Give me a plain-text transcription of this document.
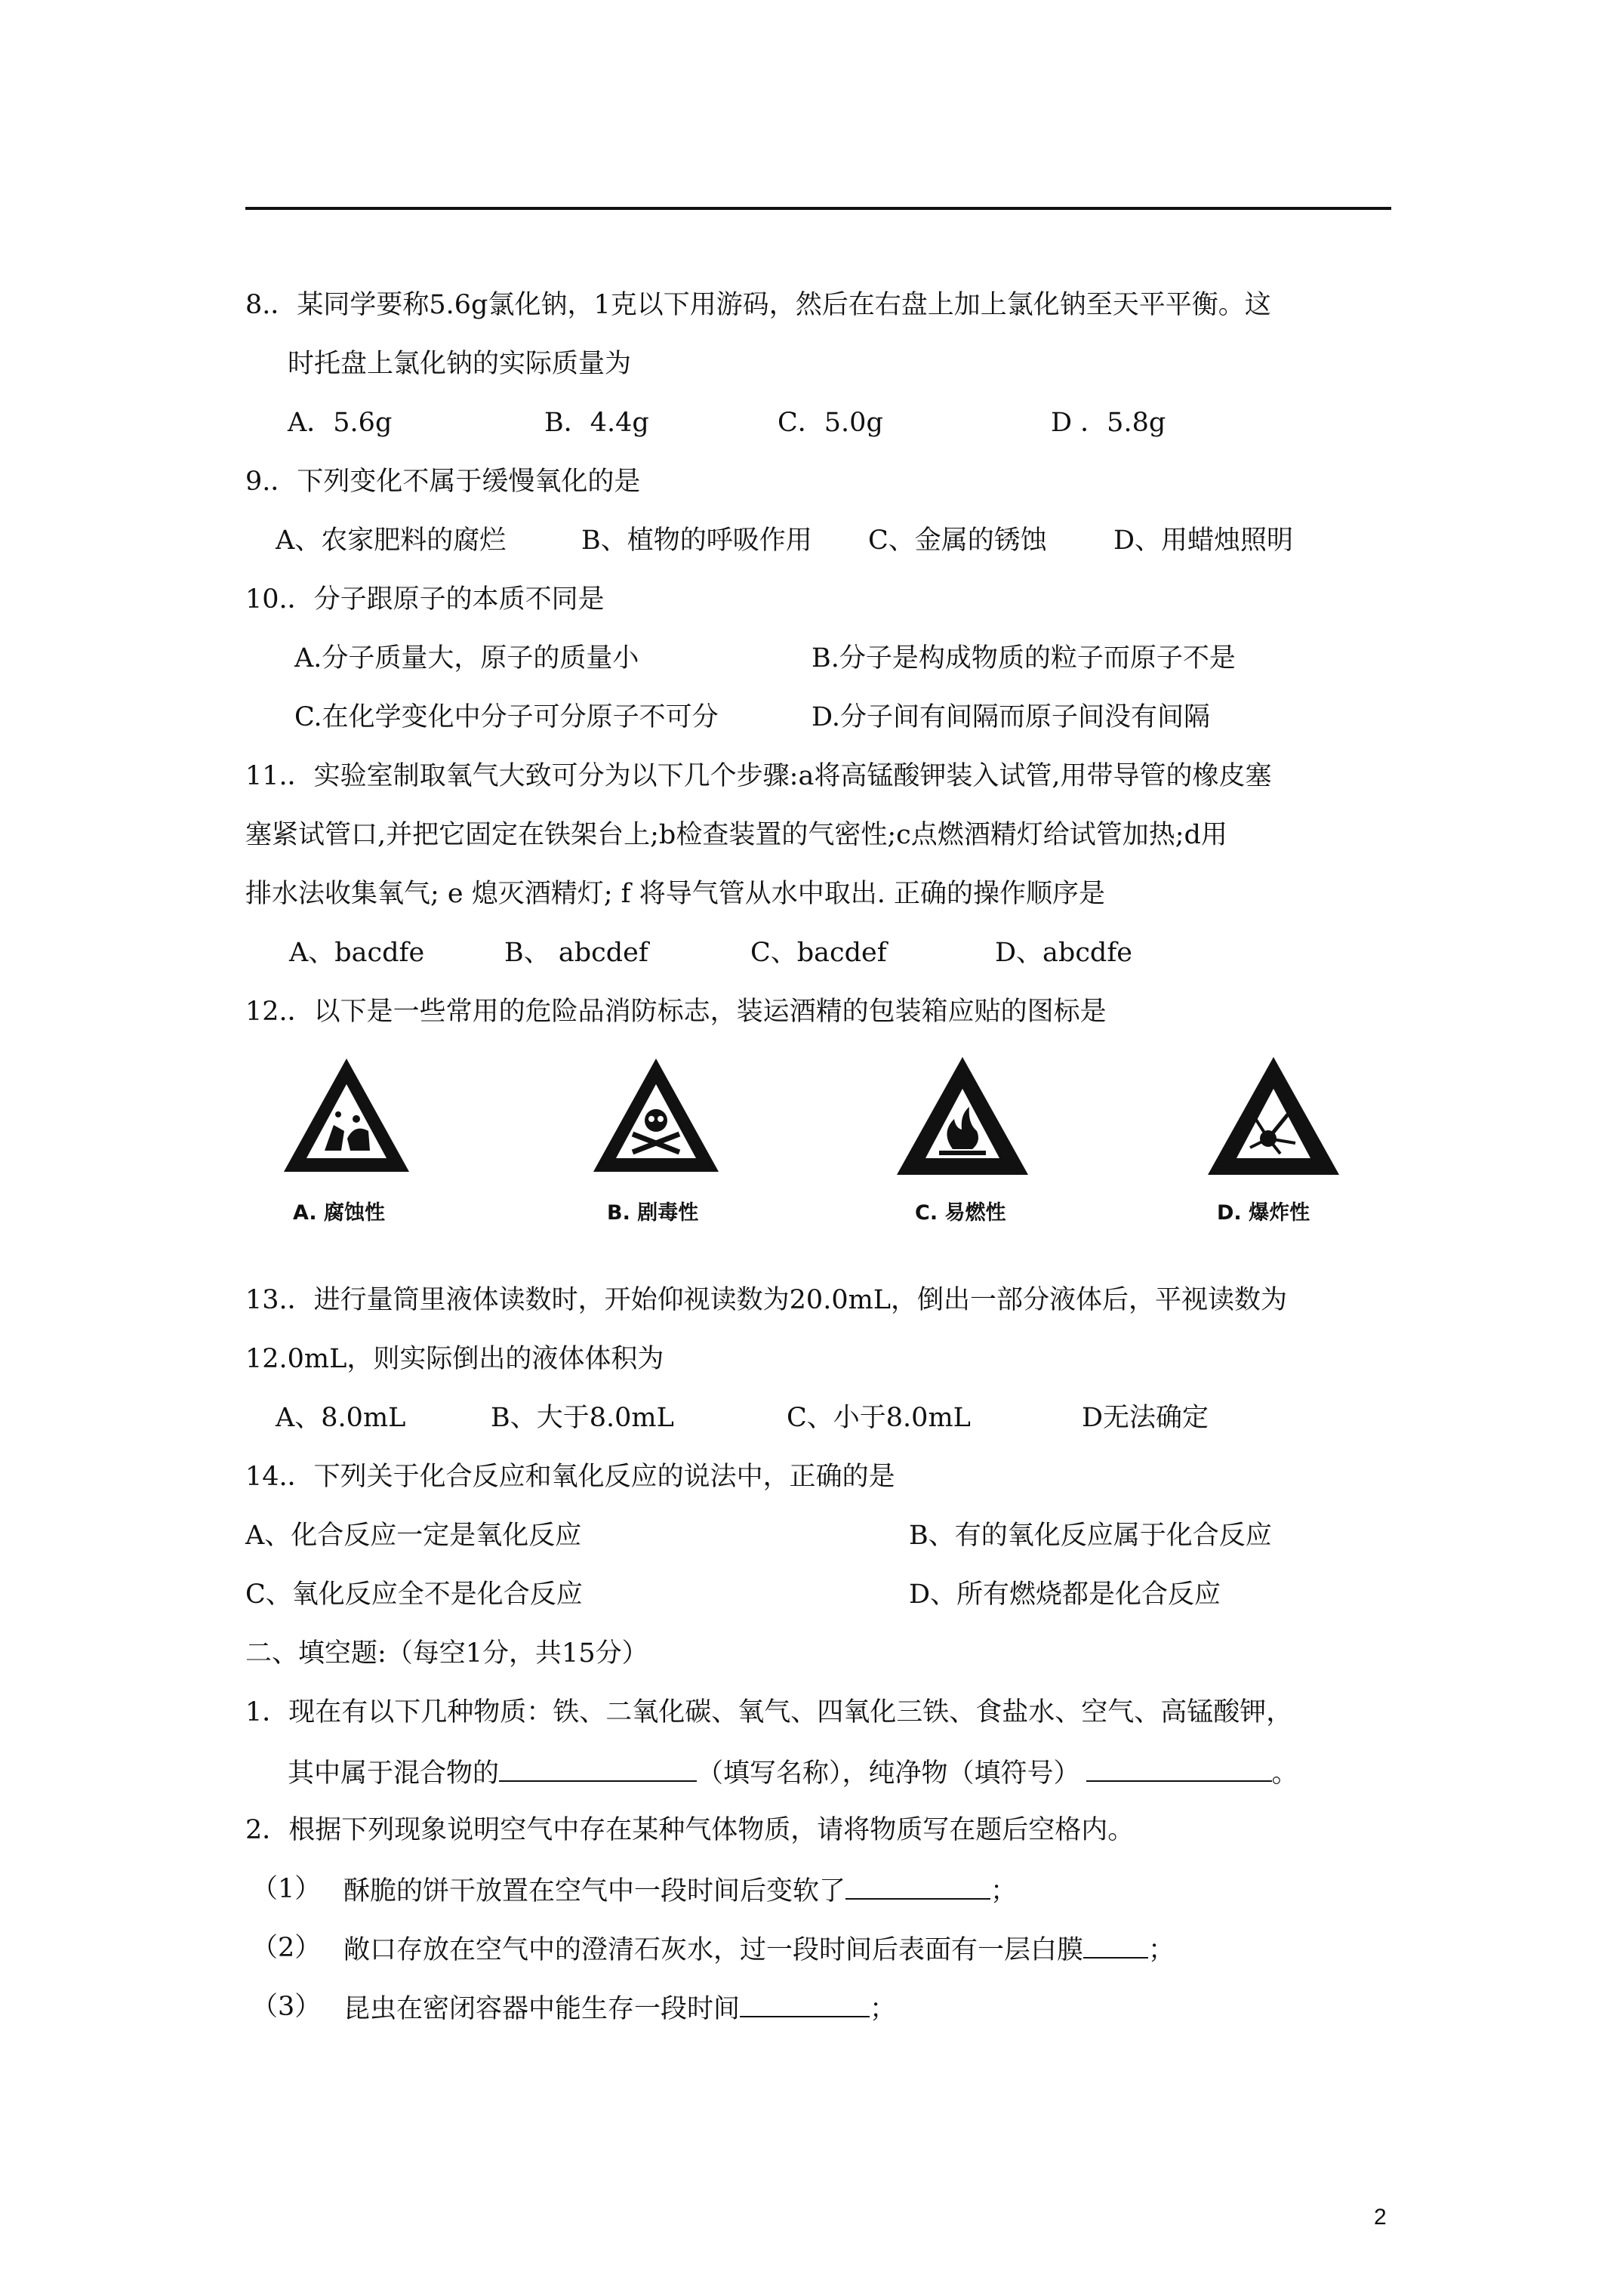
8.．某同学要称5.6g氯化钠，1克以下用游码，然后在右盘上加上氯化钠至天平平衡。这
时托盘上氯化钠的实际质量为
A．5.6g	B．4.4g	C．5.0g	D ．5.8g
9.．下列变化不属于缓慢氧化的是
A、农家肥料的腐烂	B、植物的呼吸作用 C、金属的锈蚀	D、用蜡烛照明
10.．分子跟原子的本质不同是
A.分子质量大，原子的质量小	B.分子是构成物质的粒子而原子不是
C.在化学变化中分子可分原子不可分	D.分子间有间隔而原子间没有间隔
11.．实验室制取氧气大致可分为以下几个步骤:a将高锰酸钾装入试管,用带导管的橡皮塞
塞紧试管口,并把它固定在铁架台上;b检查装置的气密性;c点燃酒精灯给试管加热;d用
排水法收集氧气; e 熄灭酒精灯; f 将导气管从水中取出. 正确的操作顺序是
A、bacdfe	B、 abcdef	C、bacdef	D、abcdfe
12.．以下是一些常用的危险品消防标志，装运酒精的包装箱应贴的图标是
A. 腐蚀性	B. 剧毒性	C. 易燃性	D. 爆炸性
13.．进行量筒里液体读数时，开始仰视读数为20.0mL，倒出一部分液体后，平视读数为
12.0mL，则实际倒出的液体体积为
A、8.0mL	B、大于8.0mL	C、小于8.0mL	D无法确定
14.．下列关于化合反应和氧化反应的说法中，正确的是
A、化合反应一定是氧化反应	B、有的氧化反应属于化合反应
C、氧化反应全不是化合反应	D、所有燃烧都是化合反应
二、填空题:（每空1分，共15分）
1．现在有以下几种物质：铁、二氧化碳、氧气、四氧化三铁、食盐水、空气、高锰酸钾，
其中属于混合物的	（填写名称），纯净物（填符号）	。
2．根据下列现象说明空气中存在某种气体物质，请将物质写在题后空格内。
（1） 酥脆的饼干放置在空气中一段时间后变软了	；
（2） 敞口存放在空气中的澄清石灰水，过一段时间后表面有一层白膜 ；
（3） 昆虫在密闭容器中能生存一段时间	；
2
